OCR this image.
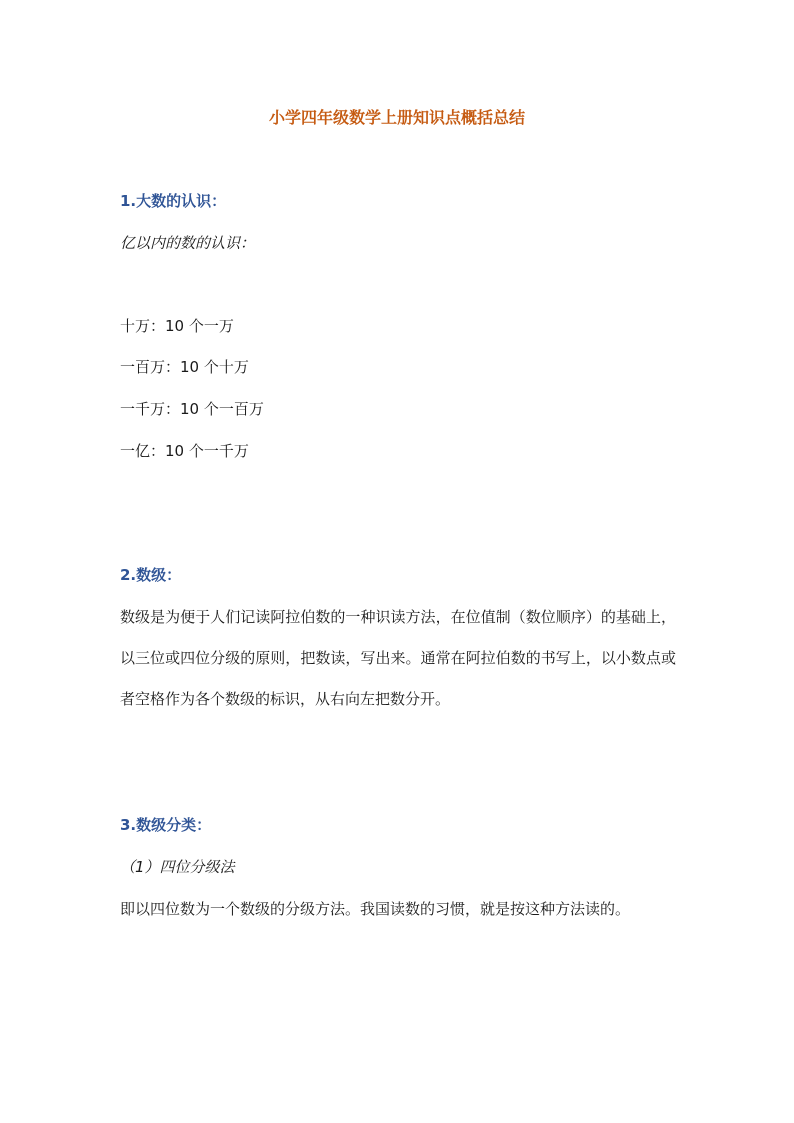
小学四年级数学上册知识点概括总结
1.大数的认识：
亿以内的数的认识：
十万：10 个一万
一百万：10 个十万
一千万：10 个一百万
一亿：10 个一千万
2.数级：
数级是为便于人们记读阿拉伯数的一种识读方法，在位值制（数位顺序）的基础上，以三位或四位分级的原则，把数读，写出来。通常在阿拉伯数的书写上，以小数点或者空格作为各个数级的标识，从右向左把数分开。
3.数级分类：
（1）四位分级法
即以四位数为一个数级的分级方法。我国读数的习惯，就是按这种方法读的。
